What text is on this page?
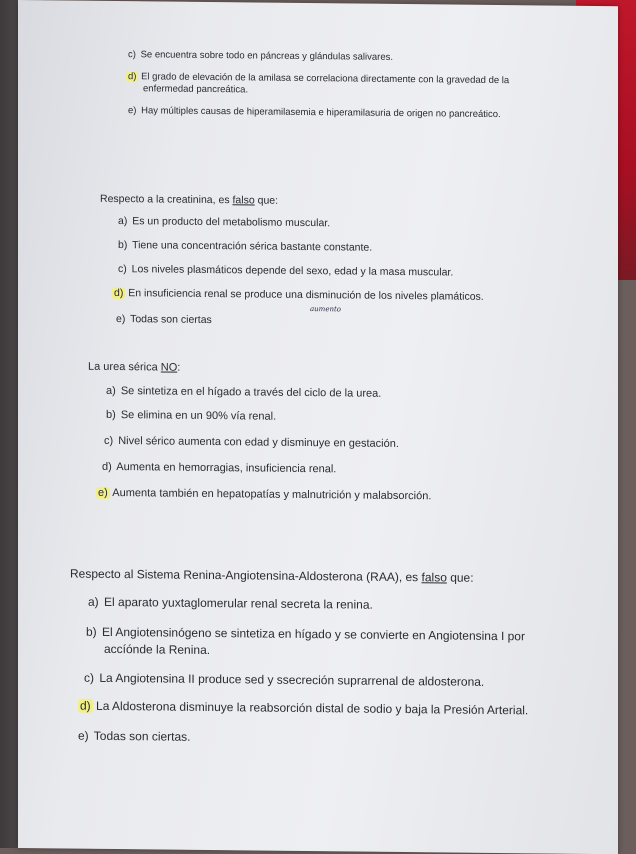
c) Se encuentra sobre todo en páncreas y glándulas salivares.
d) El grado de elevación de la amilasa se correlaciona directamente con la gravedad de la
enfermedad pancreática.
e) Hay múltiples causas de hiperamilasemia e hiperamilasuria de origen no pancreático.
Respecto a la creatinina, es falso que:
a) Es un producto del metabolismo muscular.
b) Tiene una concentración sérica bastante constante.
c) Los niveles plasmáticos depende del sexo, edad y la masa muscular.
d) En insuficiencia renal se produce una disminución de los niveles plamáticos.
aumento
e) Todas son ciertas
La urea sérica NO:
a) Se sintetiza en el hígado a través del ciclo de la urea.
b) Se elimina en un 90% vía renal.
c) Nivel sérico aumenta con edad y disminuye en gestación.
d) Aumenta en hemorragias, insuficiencia renal.
e) Aumenta también en hepatopatías y malnutrición y malabsorción.
Respecto al Sistema Renina-Angiotensina-Aldosterona (RAA), es falso que:
a) El aparato yuxtaglomerular renal secreta la renina.
b) El Angiotensinógeno se sintetiza en hígado y se convierte en Angiotensina I por
accíónde la Renina.
c) La Angiotensina II produce sed y ssecreción suprarrenal de aldosterona.
d) La Aldosterona disminuye la reabsorción distal de sodio y baja la Presión Arterial.
e) Todas son ciertas.
